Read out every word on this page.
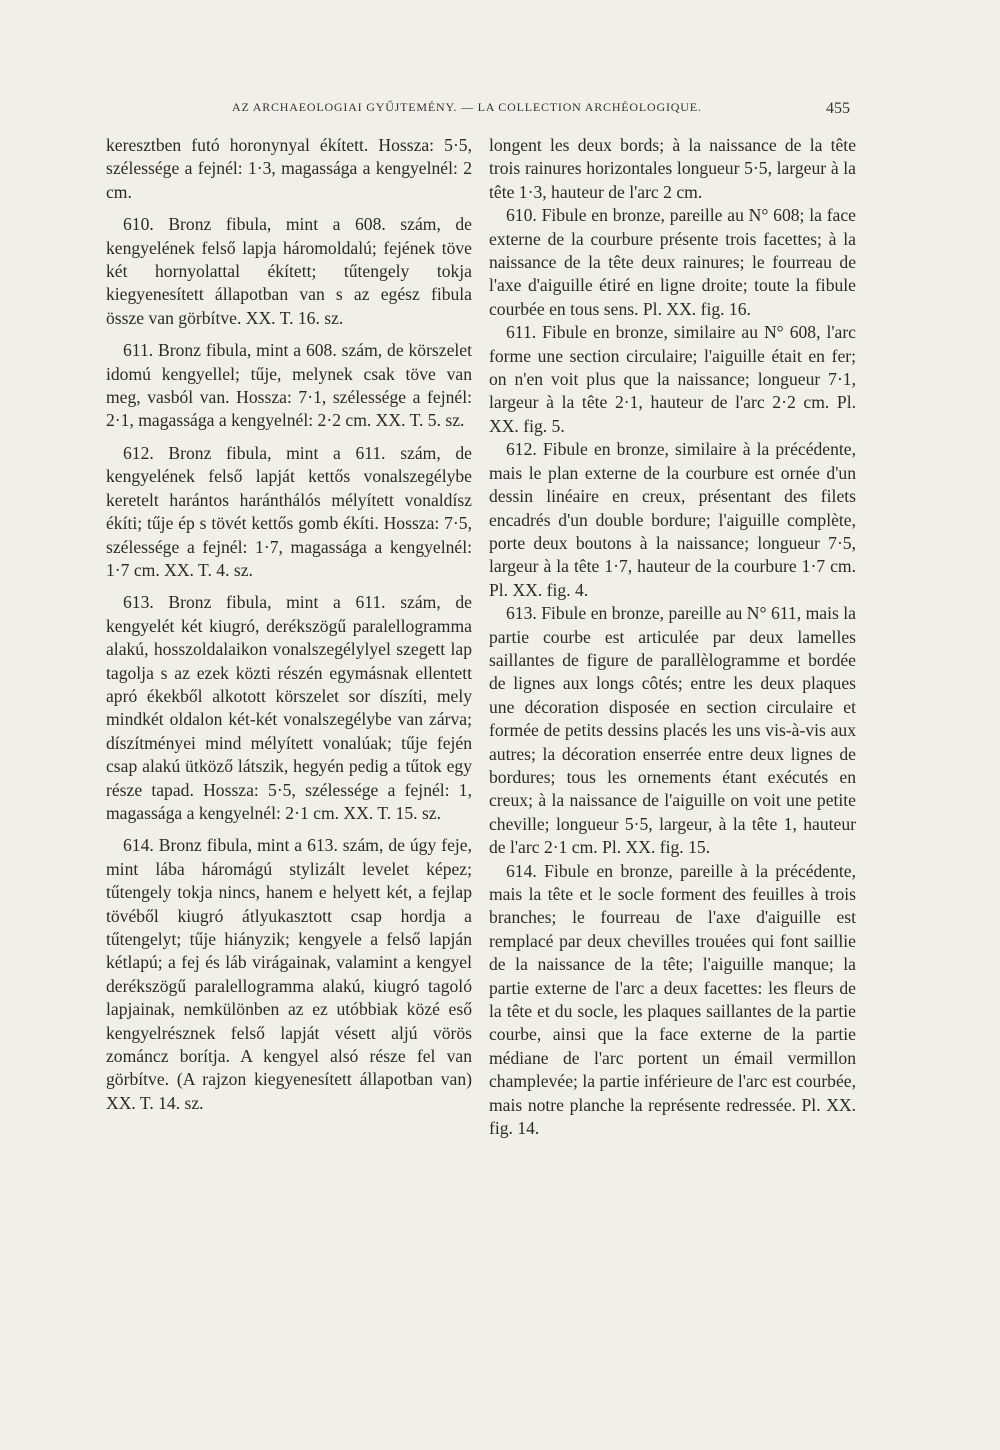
AZ ARCHAEOLOGIAI GYŰJTEMÉNY. — LA COLLECTION ARCHÉOLOGIQUE.	455

keresztben futó horonynyal ékített. Hossza: 5·5, szélessége a fejnél: 1·3, magassága a kengyelnél: 2 cm.

610. Bronz fibula, mint a 608. szám, de kengyelének felső lapja háromoldalú; fejének töve két hornyolattal ékített; tűtengely tokja kiegyenesített állapotban van s az egész fibula össze van görbítve. XX. T. 16. sz.

611. Bronz fibula, mint a 608. szám, de körszelet idomú kengyellel; tűje, melynek csak töve van meg, vasból van. Hossza: 7·1, szélessége a fejnél: 2·1, magassága a kengyelnél: 2·2 cm. XX. T. 5. sz.

612. Bronz fibula, mint a 611. szám, de kengyelének felső lapját kettős vonalszegélybe keretelt harántos haránthálós mélyített vonaldísz ékíti; tűje ép s tövét kettős gomb ékíti. Hossza: 7·5, szélessége a fejnél: 1·7, magassága a kengyelnél: 1·7 cm. XX. T. 4. sz.

613. Bronz fibula, mint a 611. szám, de kengyelét két kiugró, derékszögű paralellogramma alakú, hosszoldalaikon vonalszegélylyel szegett lap tagolja s az ezek közti részén egymásnak ellentett apró ékekből alkotott körszelet sor díszíti, mely mindkét oldalon két-két vonalszegélybe van zárva; díszítményei mind mélyített vonalúak; tűje fején csap alakú ütköző látszik, hegyén pedig a tűtok egy része tapad. Hossza: 5·5, szélessége a fejnél: 1, magassága a kengyelnél: 2·1 cm. XX. T. 15. sz.

614. Bronz fibula, mint a 613. szám, de úgy feje, mint lába háromágú stylizált levelet képez; tűtengely tokja nincs, hanem e helyett két, a fejlap tövéből kiugró átlyukasztott csap hordja a tűtengelyt; tűje hiányzik; kengyele a felső lapján kétlapú; a fej és láb virágainak, valamint a kengyel derékszögű paralellogramma alakú, kiugró tagoló lapjainak, nemkülönben az ez utóbbiak közé eső kengyelrésznek felső lapját vésett aljú vörös zománcz borítja. A kengyel alsó része fel van görbítve. (A rajzon kiegyenesített állapotban van) XX. T. 14. sz.

longent les deux bords; à la naissance de la tête trois rainures horizontales longueur 5·5, largeur à la tête 1·3, hauteur de l'arc 2 cm.

610. Fibule en bronze, pareille au N° 608; la face externe de la courbure présente trois facettes; à la naissance de la tête deux rainures; le fourreau de l'axe d'aiguille étiré en ligne droite; toute la fibule courbée en tous sens. Pl. XX. fig. 16.

611. Fibule en bronze, similaire au N° 608, l'arc forme une section circulaire; l'aiguille était en fer; on n'en voit plus que la naissance; longueur 7·1, largeur à la tête 2·1, hauteur de l'arc 2·2 cm. Pl. XX. fig. 5.

612. Fibule en bronze, similaire à la précédente, mais le plan externe de la courbure est ornée d'un dessin linéaire en creux, présentant des filets encadrés d'un double bordure; l'aiguille complète, porte deux boutons à la naissance; longueur 7·5, largeur à la tête 1·7, hauteur de la courbure 1·7 cm. Pl. XX. fig. 4.

613. Fibule en bronze, pareille au N° 611, mais la partie courbe est articulée par deux lamelles saillantes de figure de parallèlogramme et bordée de lignes aux longs côtés; entre les deux plaques une décoration disposée en section circulaire et formée de petits dessins placés les uns vis-à-vis aux autres; la décoration enserrée entre deux lignes de bordures; tous les ornements étant exécutés en creux; à la naissance de l'aiguille on voit une petite cheville; longueur 5·5, largeur, à la tête 1, hauteur de l'arc 2·1 cm. Pl. XX. fig. 15.

614. Fibule en bronze, pareille à la précédente, mais la tête et le socle forment des feuilles à trois branches; le fourreau de l'axe d'aiguille est remplacé par deux chevilles trouées qui font saillie de la naissance de la tête; l'aiguille manque; la partie externe de l'arc a deux facettes: les fleurs de la tête et du socle, les plaques saillantes de la partie courbe, ainsi que la face externe de la partie médiane de l'arc portent un émail vermillon champlevée; la partie inférieure de l'arc est courbée, mais notre planche la représente redressée. Pl. XX. fig. 14.
